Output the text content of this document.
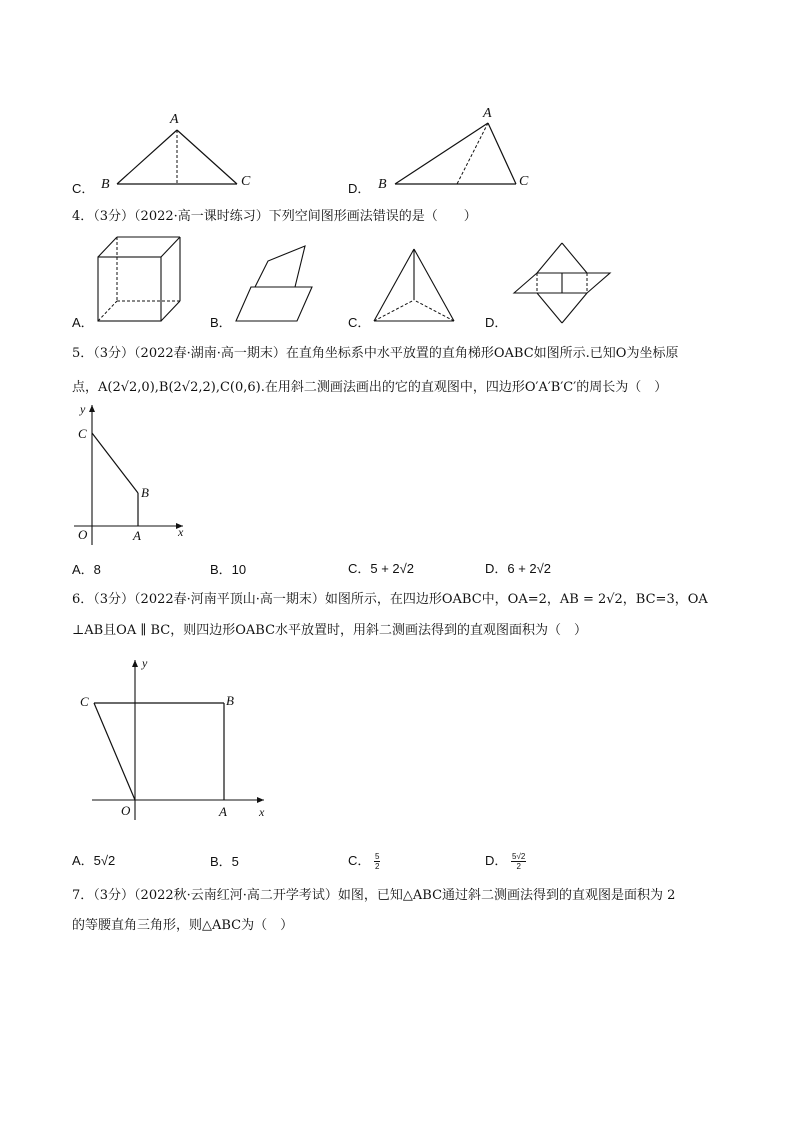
C．
A
B	C	D．
A
B	C
4．（3分）（2022·高一课时练习）下列空间图形画法错误的是（　　）
A．	B．	C．	D．
5．（3分）（2022春·湖南·高一期末）在直角坐标系中水平放置的直角梯形OABC如图所示.已知O为坐标原
点，A(2√2,0),B(2√2,2),C(0,6).在用斜二测画法画出的它的直观图中，四边形O′A′B′C′的周长为（　）
y
x
C
B
O	A
A．8	B．10	C．5 + 2√2	D．6 + 2√2
6．（3分）（2022春·河南平顶山·高一期末）如图所示，在四边形OABC中，OA=2，AB = 2√2，BC=3，OA
⊥AB且OA ∥ BC，则四边形OABC水平放置时，用斜二测画法得到的直观图面积为（　）
y
x
C	B
O	A
A．5√2	B．5	C． $\frac{5}{2}$	D． $\frac{5√2}{2}$
7．（3分）（2022秋·云南红河·高二开学考试）如图，已知△ABC通过斜二测画法得到的直观图是面积为 2
的等腰直角三角形，则△ABC为（　）
